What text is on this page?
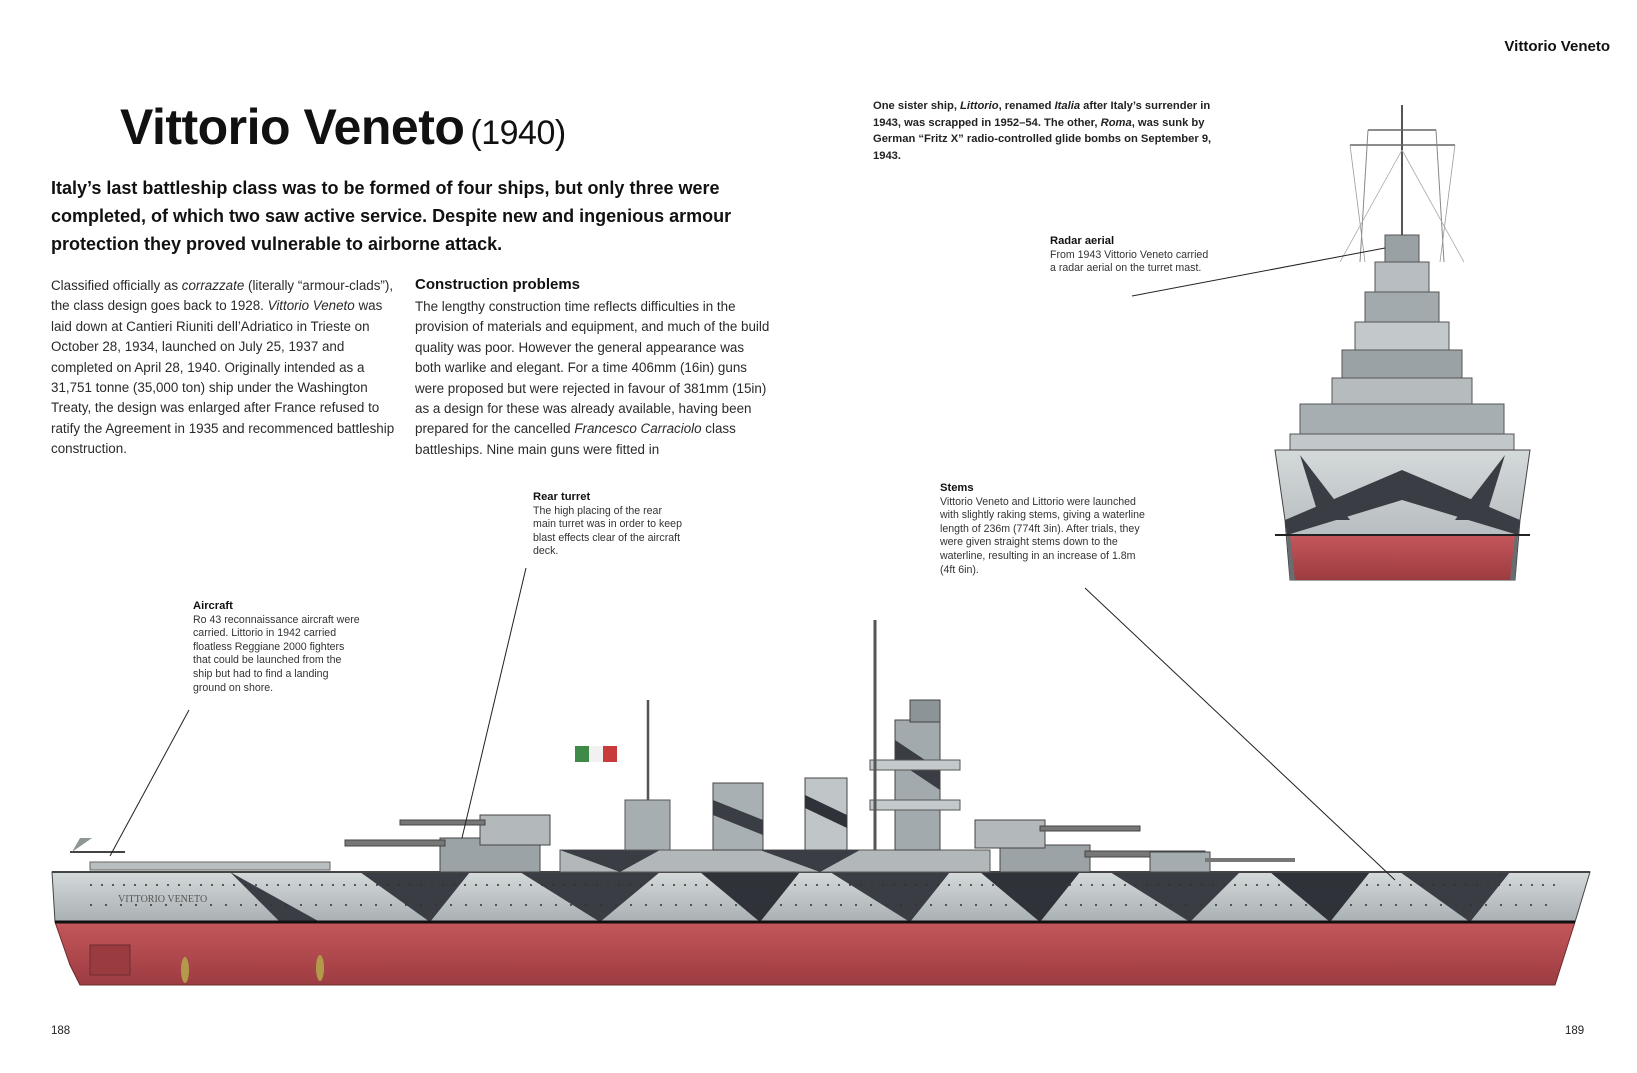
Vittorio Veneto
Vittorio Veneto (1940)
Italy’s last battleship class was to be formed of four ships, but only three were completed, of which two saw active service. Despite new and ingenious armour protection they proved vulnerable to airborne attack.
Classified officially as corrazzate (literally “armour-clads”), the class design goes back to 1928. Vittorio Veneto was laid down at Cantieri Riuniti dell’Adriatico in Trieste on October 28, 1934, launched on July 25, 1937 and completed on April 28, 1940. Originally intended as a 31,751 tonne (35,000 ton) ship under the Washington Treaty, the design was enlarged after France refused to ratify the Agreement in 1935 and recommenced battleship construction.
Construction problems
The lengthy construction time reflects difficulties in the provision of materials and equipment, and much of the build quality was poor. However the general appearance was both warlike and elegant. For a time 406mm (16in) guns were proposed but were rejected in favour of 381mm (15in) as a design for these was already available, having been prepared for the cancelled Francesco Carraciolo class battleships. Nine main guns were fitted in
One sister ship, Littorio, renamed Italia after Italy’s surrender in 1943, was scrapped in 1952–54. The other, Roma, was sunk by German “Fritz X” radio-controlled glide bombs on September 9, 1943.
Radar aerial
From 1943 Vittorio Veneto carried a radar aerial on the turret mast.
Stems
Vittorio Veneto and Littorio were launched with slightly raking stems, giving a waterline length of 236m (774ft 3in). After trials, they were given straight stems down to the waterline, resulting in an increase of 1.8m (4ft 6in).
Rear turret
The high placing of the rear main turret was in order to keep blast effects clear of the aircraft deck.
Aircraft
Ro 43 reconnaissance aircraft were carried. Littorio in 1942 carried floatless Reggiane 2000 fighters that could be launched from the ship but had to find a landing ground on shore.
VITTORIO VENETO
188	189
